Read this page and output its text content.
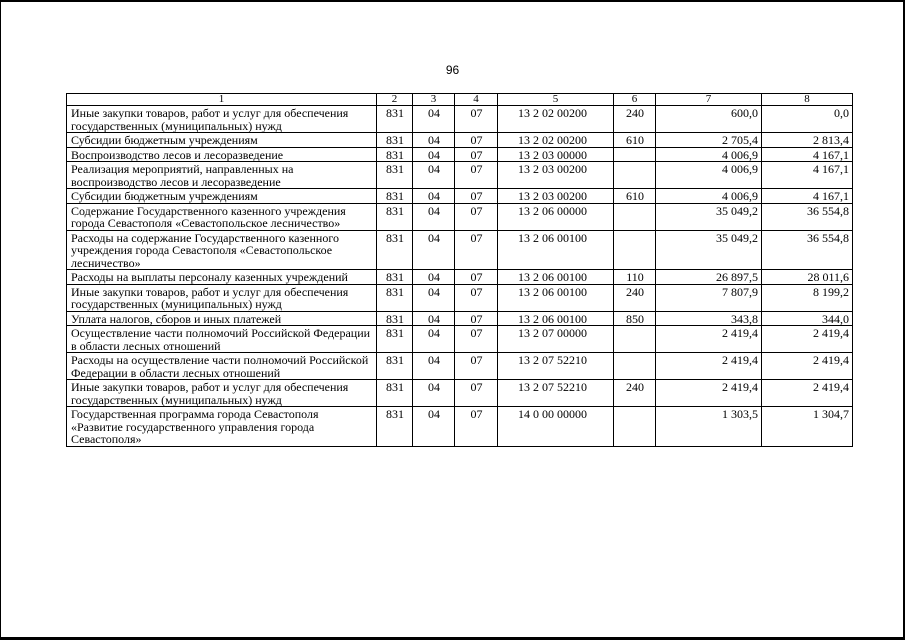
96
1	2	3	4	5	6	7	8
Иные закупки товаров, работ и услуг для обеспечения государственных (муниципальных) нужд	831	04	07	13 2 02 00200	240	600,0	0,0
Субсидии бюджетным учреждениям	831	04	07	13 2 02 00200	610	2 705,4	2 813,4
Воспроизводство лесов и лесоразведение	831	04	07	13 2 03 00000		4 006,9	4 167,1
Реализация мероприятий, направленных на воспроизводство лесов и лесоразведение	831	04	07	13 2 03 00200		4 006,9	4 167,1
Субсидии бюджетным учреждениям	831	04	07	13 2 03 00200	610	4 006,9	4 167,1
Содержание Государственного казенного учреждения города Севастополя «Севастопольское лесничество»	831	04	07	13 2 06 00000		35 049,2	36 554,8
Расходы на содержание Государственного казенного учреждения города Севастополя «Севастопольское лесничество»	831	04	07	13 2 06 00100		35 049,2	36 554,8
Расходы на выплаты персоналу казенных учреждений	831	04	07	13 2 06 00100	110	26 897,5	28 011,6
Иные закупки товаров, работ и услуг для обеспечения государственных (муниципальных) нужд	831	04	07	13 2 06 00100	240	7 807,9	8 199,2
Уплата налогов, сборов и иных платежей	831	04	07	13 2 06 00100	850	343,8	344,0
Осуществление части полномочий Российской Федерации в области лесных отношений	831	04	07	13 2 07 00000		2 419,4	2 419,4
Расходы на осуществление части полномочий Российской Федерации в области лесных отношений	831	04	07	13 2 07 52210		2 419,4	2 419,4
Иные закупки товаров, работ и услуг для обеспечения государственных (муниципальных) нужд	831	04	07	13 2 07 52210	240	2 419,4	2 419,4
Государственная программа города Севастополя «Развитие государственного управления города Севастополя»	831	04	07	14 0 00 00000		1 303,5	1 304,7
